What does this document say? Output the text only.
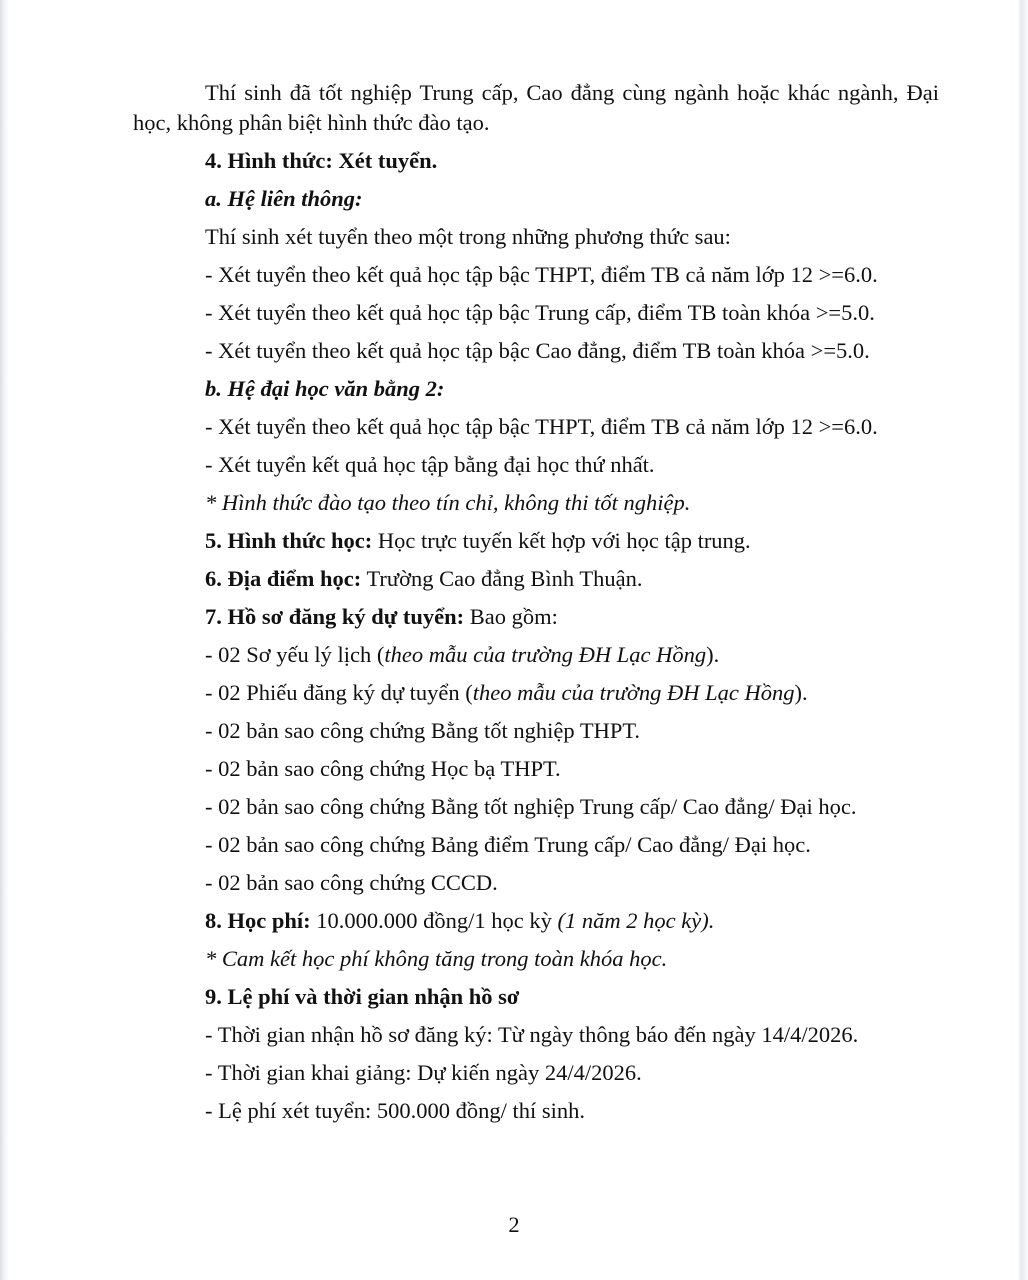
Thí sinh đã tốt nghiệp Trung cấp, Cao đẳng cùng ngành hoặc khác ngành, Đại học, không phân biệt hình thức đào tạo.

4. Hình thức: Xét tuyển.

a. Hệ liên thông:

Thí sinh xét tuyển theo một trong những phương thức sau:

- Xét tuyển theo kết quả học tập bậc THPT, điểm TB cả năm lớp 12 >=6.0.

- Xét tuyển theo kết quả học tập bậc Trung cấp, điểm TB toàn khóa >=5.0.

- Xét tuyển theo kết quả học tập bậc Cao đẳng, điểm TB toàn khóa >=5.0.

b. Hệ đại học văn bằng 2:

- Xét tuyển theo kết quả học tập bậc THPT, điểm TB cả năm lớp 12 >=6.0.

- Xét tuyển kết quả học tập bằng đại học thứ nhất.

* Hình thức đào tạo theo tín chỉ, không thi tốt nghiệp.

5. Hình thức học: Học trực tuyến kết hợp với học tập trung.

6. Địa điểm học: Trường Cao đẳng Bình Thuận.

7. Hồ sơ đăng ký dự tuyển: Bao gồm:

- 02 Sơ yếu lý lịch (theo mẫu của trường ĐH Lạc Hồng).

- 02 Phiếu đăng ký dự tuyển (theo mẫu của trường ĐH Lạc Hồng).

- 02 bản sao công chứng Bằng tốt nghiệp THPT.

- 02 bản sao công chứng Học bạ THPT.

- 02 bản sao công chứng Bằng tốt nghiệp Trung cấp/ Cao đẳng/ Đại học.

- 02 bản sao công chứng Bảng điểm Trung cấp/ Cao đẳng/ Đại học.

- 02 bản sao công chứng CCCD.

8. Học phí: 10.000.000 đồng/1 học kỳ (1 năm 2 học kỳ).

* Cam kết học phí không tăng trong toàn khóa học.

9. Lệ phí và thời gian nhận hồ sơ

- Thời gian nhận hồ sơ đăng ký: Từ ngày thông báo đến ngày 14/4/2026.

- Thời gian khai giảng: Dự kiến ngày 24/4/2026.

- Lệ phí xét tuyển: 500.000 đồng/ thí sinh.

2
